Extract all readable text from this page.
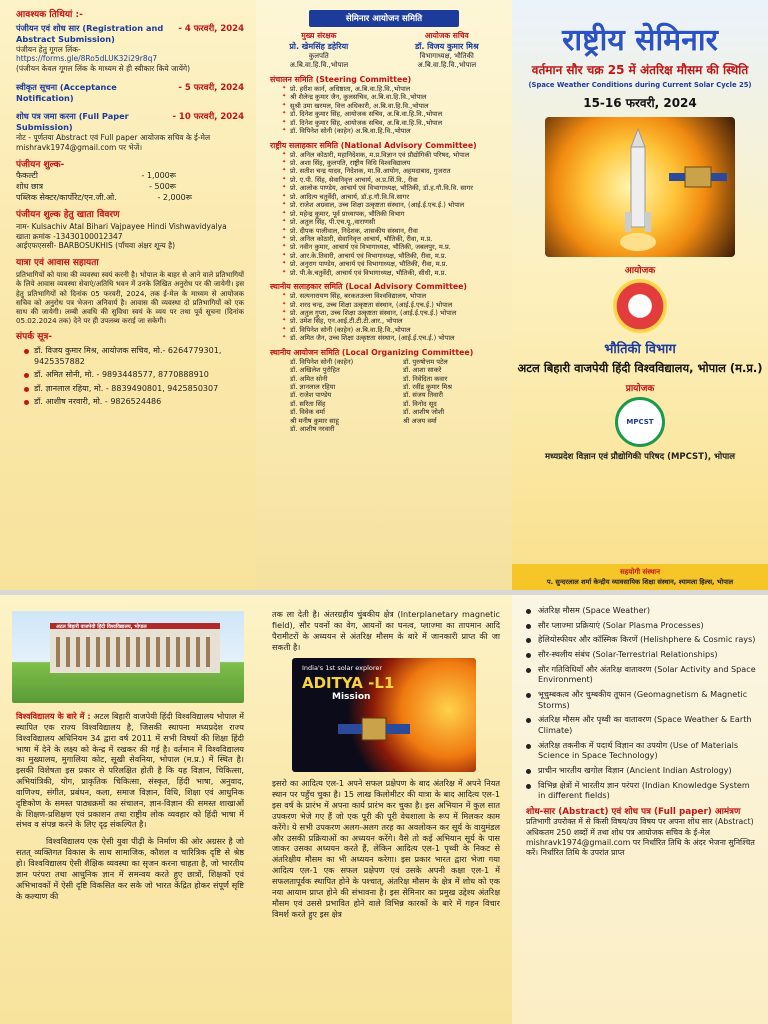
आवश्यक तिथियां :-
पंजीयन एवं शोध सार (Registration and Abstract Submission)
- 4 फरवरी, 2024
पंजीयन हेतु गूगल लिंक-
https://forms.gle/8Ro5dLUK32i29r8q7
(पंजीयन केवल गूगल लिंक के माध्यम से ही स्वीकार किये जायेंगे)
स्वीकृत सूचना (Acceptance Notification)
- 5 फरवरी, 2024
शोध पत्र जमा करना (Full Paper Submission)
- 10 फरवरी, 2024
नोट - पूर्णतया Abstract एवं Full paper आयोजक सचिव के ई-मेल mishravk1974@gmail.com पर भेजें।
पंजीयन शुल्क-
फैकल्टी	- 1,000रू
शोध छात्र	- 500रू
पब्लिक सेक्टर/कार्पोरेट/एन.जी.ओ.	- 2,000रू
पंजीयन शुल्क हेतु खाता विवरण
नाम- Kulsachiv Atal Bihari Vajpayee Hindi Vishwavidyalya
खाता क्रमांक -13430100012347
आईएफएससी- BARBOSUKHIS (पाँचवा अंक्षर शून्य है)
यात्रा एवं आवास सहायता
प्रतिभागियों को यात्रा की व्यवस्था स्वयं करनी है। भोपाल के बाहर से आने वाले प्रतिभागियों के लिये आवास व्यवस्था सेवाएं/अतिथि भवन में उनके लिखित अनुरोध पर की जायेगी। इस हेतु प्रतिभागियों को दिनांक 05 फरवरी, 2024, तक ई-मेल के माध्यम से आयोजक सचिव को अनुरोध पत्र भेजना अनिवार्य है। आवास की व्यवस्था दो प्रतिभागियों को एक साथ की जायेगी। लम्बी अवधि की सुविधा स्वयं के व्यय पर तथा पूर्व सूचना (दिनांक 05.02.2024 तक) देने पर ही उपलब्ध कराई जा सकेगी।
संपर्क सूत्र-
डॉ. विजय कुमार मिश्र, आयोजक सचिव, मो.- 6264779301, 9425357882
डॉ. अमित सोनी, मो. - 9893448577, 8770888910
डॉ. ज्ञानलाल रहिया, मो. - 8839490801, 9425850307
डॉ. आशीष नरवारी, मो. - 9826524486
सेमिनार आयोजन समिति
मुख्य संरक्षक
प्रो. खेमसिंह डहेरिया
कुलपति
अ.बि.वा.हि.वि.,भोपाल
आयोजक सचिव
डॉ. विजय कुमार मिश्र
विभागाध्यक्ष, भौतिकी
अ.बि.वा.हि.वि.,भोपाल
संचालन समिति (Steering Committee)
✦ प्रो. हरीश कार्न, अधिष्ठाता, अ.बि.वा.हि.वि.,भोपाल
✦ श्री शैलेन्द्र कुमार जैन, कुलसचिव, अ.बि.वा.हि.वि.,भोपाल
✦ सुश्री उमा खरमल, वित्त अधिकारी, अ.बि.वा.हि.वि.,भोपाल
✦ डॉ. दिनेश कुमार सिंह, आयोजक सचिव, अ.बि.वा.हि.वि.,भोपाल
✦ डॉ. दिनेश कुमार सिंह, आयोजक सचिव, अ.बि.वा.हि.वि.,भोपाल
✦ डॉ. विपिनेश सोनी (काहेन) अ.बि.वा.हि.वि.,भोपाल
राष्ट्रीय सलाहकार समिति (National Advisory Committee)
✦ प्रो. अनिल कोठारी, महानिदेशक, म.प्र.विज्ञान एवं प्रौद्योगिकी परिषद, भोपाल
✦ प्रो. अशा सिंह, कुलपति, राष्ट्रीय विधि विश्वविद्यालय
✦ प्रो. सतीश चन्द्र यादव, निदेशक, मा.वि.आयोग, अहमदाबाद, गुजरात
✦ प्रो. ए.पी. सिंह, सेवानिवृत्त आचार्य, अ.प्र.सिं.वि., रीवा
✦ प्रो. आलोक पाण्डेय, आचार्य एवं विभागाध्यक्ष, भौतिकी, डॉ.ह.गौ.वि.वि. सागर
✦ प्रो. आदित्य चतुर्वेदी, आचार्य, डॉ.ह.गौ.वि.वि.सागर
✦ प्रो. राजेश अग्रवाल, उच्च शिक्षा उत्कृष्टता संस्थान, (आई.ई.एच.ई.) भोपाल
✦ प्रो. महेन्द्र कुमार, पूर्व प्राध्यापक, भौतिकी विभाग
✦ प्रो. अतुल सिंह, पी.एच.यू.,वाराणसी
✦ प्रो. दीपक पालीवाल, निदेशक, शासकीय संस्थान, रीवा
✦ प्रो. अनिल कोठारी, सेवानिवृत्त आचार्य, भौतिकी, रीवा, म.प्र.
✦ प्रो. नवीन कुमार, आचार्य एवं विभागाध्यक्ष, भौतिकी, जबलपुर, म.प्र.
✦ प्रो. आर.के.तिवारी, आचार्य एवं विभागाध्यक्ष, भौतिकी, रीवा, म.प्र.
✦ प्रो. अनुराग पाण्डेय, आचार्य एवं विभागाध्यक्ष, भौतिकी, रीवा, म.प्र.
✦ प्रो. पी.के.चतुर्वेदी, आचार्य एवं विभागाध्यक्ष, भौतिकी, सीधी, म.प्र.
स्थानीय सलाहकार समिति (Local Advisory Committee)
✦ प्रो. सत्यनारायण सिंह, बरकतउल्ला विश्वविद्यालय, भोपाल
✦ प्रो. शरद चन्द्र, उच्च शिक्षा उत्कृष्टता संस्थान, (आई.ई.एच.ई.) भोपाल
✦ प्रो. अतुल गुप्ता, उच्च शिक्षा उत्कृष्टता संस्थान, (आई.ई.एच.ई.) भोपाल
✦ प्रो. उमेश सिंह, एन.आई.टी.टी.टी.आर., भोपाल
✦ डॉ. विपिनेश सोनी (काहेन) अ.बि.वा.हि.वि.,भोपाल
✦ डॉ. अमित जैन, उच्च शिक्षा उत्कृष्टता संस्थान, (आई.ई.एच.ई.) भोपाल
स्थानीय आयोजन समिति (Local Organizing Committee)
डॉ. विपिनेश सोनी (काहेन)	डॉ. पुरुषोत्तम पटेल
डॉ. अखिलेश पुरोहित	डॉ. आशा साकरे
डॉ. अमित सोनी	डॉ. निवेदिता कवार
डॉ. ज्ञानलाल रहिया	डॉ. रवींद्र कुमार मिश्र
डॉ. राजेश पाण्डेय	डॉ. संजय तिवारी
डॉ. सरिता सिंह	डॉ. विनोद सूद
डॉ. विवेक वर्मा	डॉ. आशीष जोशी
श्री मनीष कुमार साहू	श्री अजय वर्मा
डॉ. आशीष नरवारी
राष्ट्रीय सेमिनार
वर्तमान सौर चक्र 25 में अंतरिक्ष मौसम की स्थिति
(Space Weather Conditions during Current Solar Cycle 25)
15-16 फरवरी, 2024
आयोजक
✺
भौतिकी विभाग
अटल बिहारी वाजपेयी हिंदी विश्वविद्यालय, भोपाल (म.प्र.)
प्रायोजक
MPCST
मध्यप्रदेश विज्ञान एवं प्रौद्योगिकी परिषद (MPCST), भोपाल
सहयोगी संस्थान
प. सुन्दरलाल शर्मा केन्द्रीय व्यावसायिक शिक्षा संस्थान, श्यामला हिल्स, भोपाल
अटल बिहारी वाजपेयी हिंदी विश्वविद्यालय, भोपाल
विश्वविद्यालय के बारे में : अटल बिहारी वाजपेयी हिंदी विश्वविद्यालय भोपाल में स्थापित एक राज्य विश्वविद्यालय है, जिसकी स्थापना मध्यप्रदेश राज्य विश्वविद्यालय अधिनियम 34 द्वारा वर्ष 2011 में सभी विषयों की शिक्षा हिंदी भाषा में देने के लक्ष्य को केन्द्र में रखकर की गई है। वर्तमान में विश्वविद्यालय का मुख्यालय, मुगालिया कोट, सूखी सेवनिया, भोपाल (म.प्र.) में स्थित है। इसकी विशेषता इस प्रकार से परिलक्षित होती है कि यह विज्ञान, चिकित्सा, अभियांत्रिकी, योग, प्राकृतिक चिकित्सा, संस्कृत, हिंदी भाषा, अनुवाद, वाणिज्य, संगीत, प्रबंधन, कला, समाज विज्ञान, विधि, शिक्षा एवं आधुनिक दृष्टिकोण के समस्त पाठ्यक्रमों का संचालन, ज्ञान-विज्ञान की समस्त शाखाओं के शिक्षण-प्रशिक्षण एवं प्रकाशन तथा राष्ट्रीय लोक व्यवहार को हिंदी भाषा में संभव व संपन्न करने के लिए दृढ़ संकल्पित है।
विश्वविद्यालय एक ऐसी युवा पीढ़ी के निर्माण की ओर अग्रसर है जो सतत् व्यक्तिगत विकास के साथ सामाजिक, कौशल व चारित्रिक दृष्टि से श्रेष्ठ हो। विश्वविद्यालय ऐसी शैक्षिक व्यवस्था का सृजन करना चाहता है, जो भारतीय ज्ञान परंपरा तथा आधुनिक ज्ञान में समन्वय करते हुए छात्रों, शिक्षकों एवं अभिभावकों में ऐसी दृष्टि विकसित कर सके जो भारत केंद्रित होकर संपूर्ण सृष्टि के कल्याण की
तक ला देती है। अंतरग्रहीय चुंबकीय क्षेत्र (Interplanetary magnetic field), सौर पवनों का वेग, आयनों का घनत्व, प्लाज्मा का तापमान आदि पैरामीटरों के अध्ययन से अंतरिक्ष मौसम के बारे में जानकारी प्राप्त की जा सकती है।
India's 1st solar explorer
ADITYA -L1
Mission
इसरो का आदित्य एल-1 अपने सफल प्रक्षेपण के बाद अंतरिक्ष में अपने नियत स्थान पर पहुँच चुका है। 15 लाख किलोमीटर की यात्रा के बाद आदित्य एल-1 इस वर्ष के प्रारंभ में अपना कार्य प्रारंभ कर चुका है। इस अभियान में कुल सात उपकरण भेजे गए हैं जो एक पूरी की पूरी वेधशाला के रूप में मिलकर काम करेंगे। ये सभी उपकरण अलग-अलग तरह का अवलोकन कर सूर्य के वायुमंडल और उसकी प्रक्रियाओं का अध्ययन करेंगे। वैसे तो कई अभियान सूर्य के पास जाकर उसका अध्ययन करते हैं, लेकिन आदित्य एल-1 पृथ्वी के निकट से अंतरिक्षीय मौसम का भी अध्ययन करेगा। इस प्रकार भारत द्वारा भेजा गया आदित्य एल-1 एक सफल प्रक्षेपण एवं उसके अपनी कक्षा एल-1 में सफलतापूर्वक स्थापित होने के पश्चात्, अंतरिक्ष मौसम के क्षेत्र में शोध को एक नया आयाम प्राप्त होने की संभावना है। इस सेमिनार का प्रमुख उद्देश्य अंतरिक्ष मौसम एवं उससे प्रभावित होने वाले विभिन्न कारकों के बारे में गहन विचार विमर्श करते हुए इस क्षेत्र
अंतरिक्ष मौसम (Space Weather)
सौर प्लाज्मा प्रक्रियाएं (Solar Plasma Processes)
हेलियोस्फीयर और कॉस्मिक किरणें (Helishphere & Cosmic rays)
सौर-स्थलीय संबंध (Solar-Terrestrial Relationships)
सौर गतिविधियाँ और अंतरिक्ष वातावरण (Solar Activity and Space Environment)
भूचुम्बकत्व और चुम्बकीय तूफान (Geomagnetism & Magnetic Storms)
अंतरिक्ष मौसम और पृथ्वी का वातावरण (Space Weather & Earth Climate)
अंतरिक्ष तकनीक में पदार्थ विज्ञान का उपयोग (Use of Materials Science in Space Technology)
प्राचीन भारतीय खगोल विज्ञान (Ancient Indian Astrology)
विभिन्न क्षेत्रों में भारतीय ज्ञान परंपरा (Indian Knowledge System in different fields)
शोध-सार (Abstract) एवं शोध पत्र (Full paper) आमंत्रण
प्रतिभागी उपरोक्त में से किसी विषय/उप विषय पर अपना शोध सार (Abstract) अधिकतम 250 शब्दों में तथा शोध पत्र आयोजक सचिव के ई-मेल mishravk1974@gmail.com पर निर्धारित तिथि के अंदर भेजना सुनिश्चित करें। निर्धारित तिथि के उपरांत प्राप्त
